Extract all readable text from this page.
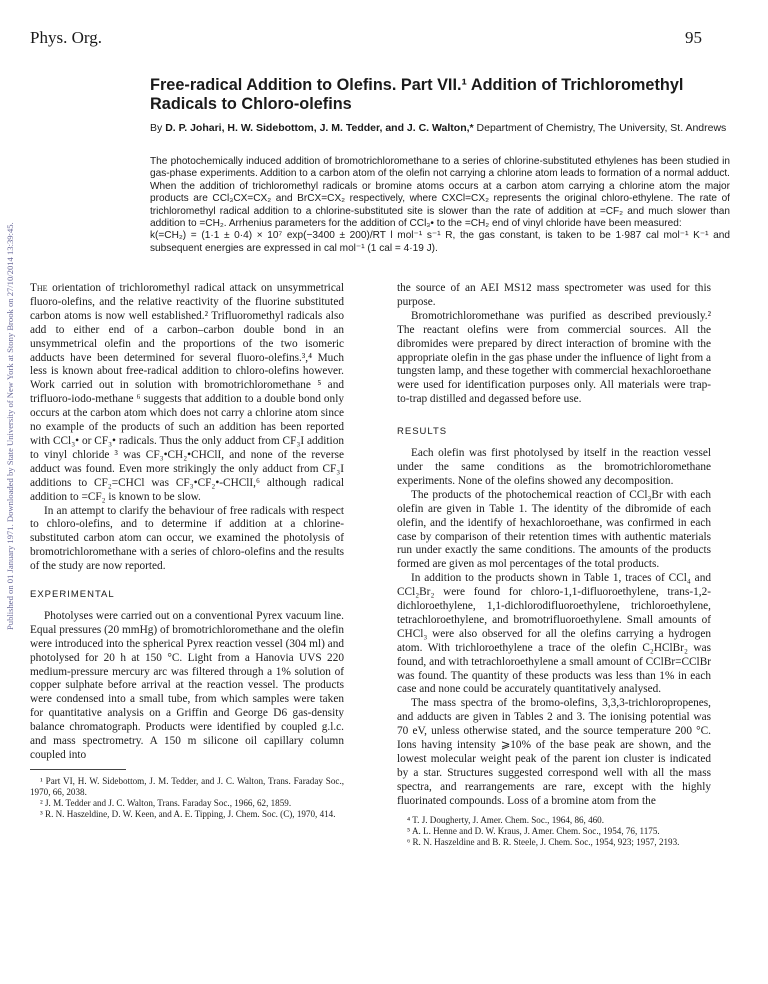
Phys. Org.	95
Published on 01 January 1971. Downloaded by State University of New York at Stony Brook on 27/10/2014 13:39:45.
Free-radical Addition to Olefins. Part VII.¹ Addition of Trichloromethyl Radicals to Chloro-olefins
By D. P. Johari, H. W. Sidebottom, J. M. Tedder, and J. C. Walton,* Department of Chemistry, The University, St. Andrews

The photochemically induced addition of bromotrichloromethane to a series of chlorine-substituted ethylenes has been studied in gas-phase experiments. Addition to a carbon atom of the olefin not carrying a chlorine atom leads to formation of a normal adduct. When the addition of trichloromethyl radicals or bromine atoms occurs at a carbon atom carrying a chlorine atom the major products are CCl₃CX=CX₂ and BrCX=CX₂ respectively, where CXCl=CX₂ represents the original chloro-ethylene. The rate of trichloromethyl radical addition to a chlorine-substituted site is slower than the rate of addition at =CF₂ and much slower than addition to =CH₂. Arrhenius parameters for the addition of CCl₃• to the =CH₂ end of vinyl chloride have been measured:

k(=CH₂) = (1·1 ± 0·4) × 10⁷ exp(−3400 ± 200)/RT l mol⁻¹ s⁻¹ R, the gas constant, is taken to be 1·987 cal mol⁻¹ K⁻¹ and subsequent energies are expressed in cal mol⁻¹ (1 cal = 4·19 J).

The orientation of trichloromethyl radical attack on unsymmetrical fluoro-olefins, and the relative reactivity of the fluorine substituted carbon atoms is now well established.² Trifluoromethyl radicals also add to either end of a carbon–carbon double bond in an unsymmetrical olefin and the proportions of the two isomeric adducts have been determined for several fluoro-olefins.³,⁴ Much less is known about free-radical addition to chloro-olefins however. Work carried out in solution with bromotrichloromethane ⁵ and trifluoro-iodo-methane ⁶ suggests that addition to a double bond only occurs at the carbon atom which does not carry a chlorine atom since no example of the products of such an addition has been reported with CCl₃• or CF₃• radicals. Thus the only adduct from CF₃I addition to vinyl chloride ³ was CF₃•CH₂•CHClI, and none of the reverse adduct was found. Even more strikingly the only adduct from CF₃I additions to CF₂=CHCl was CF₃•CF₂•-CHClI,⁶ although radical addition to =CF₂ is known to be slow.

In an attempt to clarify the behaviour of free radicals with respect to chloro-olefins, and to determine if addition at a chlorine-substituted carbon atom can occur, we examined the photolysis of bromotrichloromethane with a series of chloro-olefins and the results of the study are now reported.

EXPERIMENTAL

Photolyses were carried out on a conventional Pyrex vacuum line. Equal pressures (20 mmHg) of bromotrichloromethane and the olefin were introduced into the spherical Pyrex reaction vessel (304 ml) and photolysed for 20 h at 150 °C. Light from a Hanovia UVS 220 medium-pressure mercury arc was filtered through a 1% solution of copper sulphate before arrival at the reaction vessel. The products were condensed into a small tube, from which samples were taken for quantitative analysis on a Griffin and George D6 gas-density balance chromatograph. Products were identified by coupled g.l.c. and mass spectrometry. A 150 m silicone oil capillary column coupled into

¹ Part VI, H. W. Sidebottom, J. M. Tedder, and J. C. Walton, Trans. Faraday Soc., 1970, 66, 2038.

² J. M. Tedder and J. C. Walton, Trans. Faraday Soc., 1966, 62, 1859.

³ R. N. Haszeldine, D. W. Keen, and A. E. Tipping, J. Chem. Soc. (C), 1970, 414.

the source of an AEI MS12 mass spectrometer was used for this purpose.

Bromotrichloromethane was purified as described previously.² The reactant olefins were from commercial sources. All the dibromides were prepared by direct interaction of bromine with the appropriate olefin in the gas phase under the influence of light from a tungsten lamp, and these together with commercial hexachloroethane were used for identification purposes only. All materials were trap-to-trap distilled and degassed before use.

RESULTS

Each olefin was first photolysed by itself in the reaction vessel under the same conditions as the bromotrichloromethane experiments. None of the olefins showed any decomposition.

The products of the photochemical reaction of CCl₃Br with each olefin are given in Table 1. The identity of the dibromide of each olefin, and the identify of hexachloroethane, was confirmed in each case by comparison of their retention times with authentic materials run under exactly the same conditions. The amounts of the products formed are given as mol percentages of the total products.

In addition to the products shown in Table 1, traces of CCl₄ and CCl₂Br₂ were found for chloro-1,1-difluoroethylene, trans-1,2-dichloroethylene, 1,1-dichlorodifluoroethylene, trichloroethylene, tetrachloroethylene, and bromotrifluoroethylene. Small amounts of CHCl₃ were also observed for all the olefins carrying a hydrogen atom. With trichloroethylene a trace of the olefin C₂HClBr₂ was found, and with tetrachloroethylene a small amount of CClBr=CClBr was found. The quantity of these products was less than 1% in each case and none could be accurately quantitatively analysed.

The mass spectra of the bromo-olefins, 3,3,3-trichloropropenes, and adducts are given in Tables 2 and 3. The ionising potential was 70 eV, unless otherwise stated, and the source temperature 200 °C. Ions having intensity ⩾10% of the base peak are shown, and the lowest molecular weight peak of the parent ion cluster is indicated by a star. Structures suggested correspond well with all the mass spectra, and rearrangements are rare, except with the highly fluorinated compounds. Loss of a bromine atom from the

⁴ T. J. Dougherty, J. Amer. Chem. Soc., 1964, 86, 460.

⁵ A. L. Henne and D. W. Kraus, J. Amer. Chem. Soc., 1954, 76, 1175.

⁶ R. N. Haszeldine and B. R. Steele, J. Chem. Soc., 1954, 923; 1957, 2193.
